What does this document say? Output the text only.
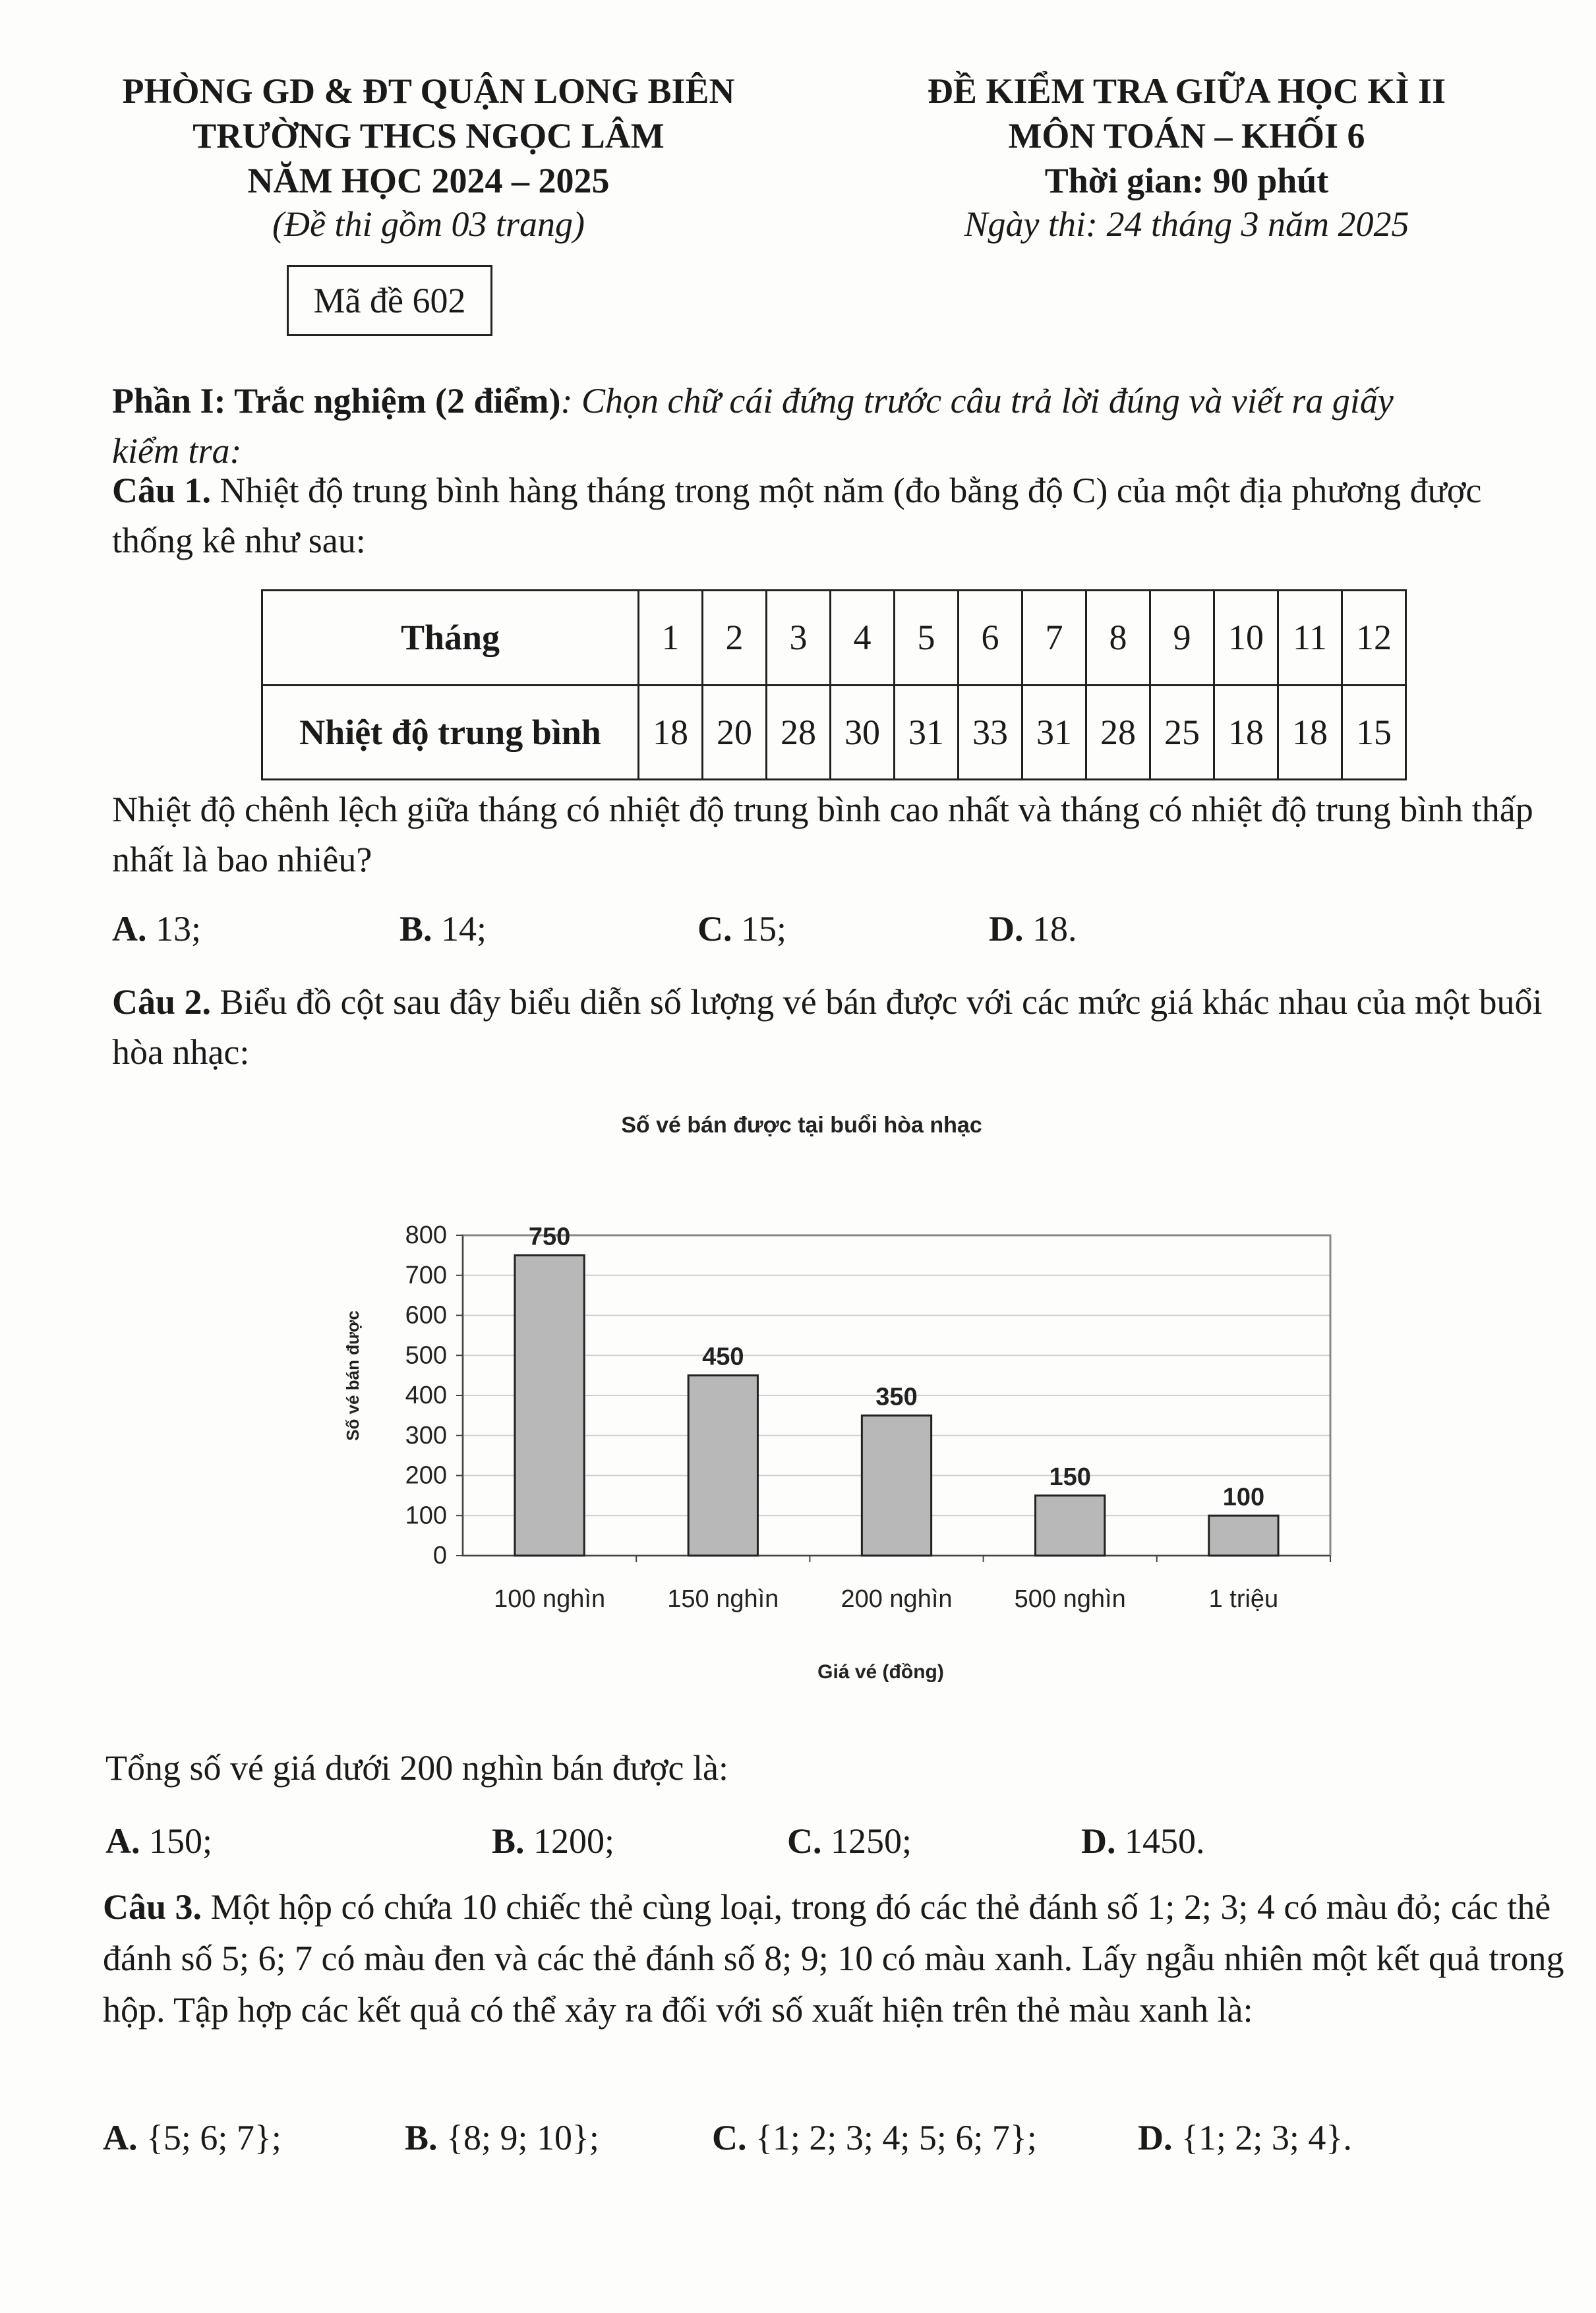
PHÒNG GD & ĐT QUẬN LONG BIÊN
TRƯỜNG THCS NGỌC LÂM
NĂM HỌC 2024 – 2025
(Đề thi gồm 03 trang)
ĐỀ KIỂM TRA GIỮA HỌC KÌ II
MÔN TOÁN – KHỐI 6
Thời gian: 90 phút
Ngày thi: 24 tháng 3 năm 2025
Mã đề 602
Phần I: Trắc nghiệm (2 điểm): Chọn chữ cái đứng trước câu trả lời đúng và viết ra giấy kiểm tra:
Câu 1. Nhiệt độ trung bình hàng tháng trong một năm (đo bằng độ C) của một địa phương được thống kê như sau:
Tháng	1	2	3	4	5	6	7	8	9	10	11	12
Nhiệt độ trung bình	18	20	28	30	31	33	31	28	25	18	18	15
Nhiệt độ chênh lệch giữa tháng có nhiệt độ trung bình cao nhất và tháng có nhiệt độ trung bình thấp nhất là bao nhiêu?
A. 13;	B. 14;	C. 15;	D. 18.
Câu 2. Biểu đồ cột sau đây biểu diễn số lượng vé bán được với các mức giá khác nhau của một buổi hòa nhạc:
Số vé bán được tại buổi hòa nhạc
0
100
200
300
400
500
600
700
800
100 nghìn 150 nghìn 200 nghìn 500 nghìn	1 triệu
750
450
350
150
100
Số vé bán được
Giá vé (đồng)
Tổng số vé giá dưới 200 nghìn bán được là:
A. 150;	B. 1200;	C. 1250;	D. 1450.
Câu 3. Một hộp có chứa 10 chiếc thẻ cùng loại, trong đó các thẻ đánh số 1; 2; 3; 4 có màu đỏ; các thẻ đánh số 5; 6; 7 có màu đen và các thẻ đánh số 8; 9; 10 có màu xanh. Lấy ngẫu nhiên một kết quả trong hộp. Tập hợp các kết quả có thể xảy ra đối với số xuất hiện trên thẻ màu xanh là:
A. {5; 6; 7};	B. {8; 9; 10};	C. {1; 2; 3; 4; 5; 6; 7};	D. {1; 2; 3; 4}.
